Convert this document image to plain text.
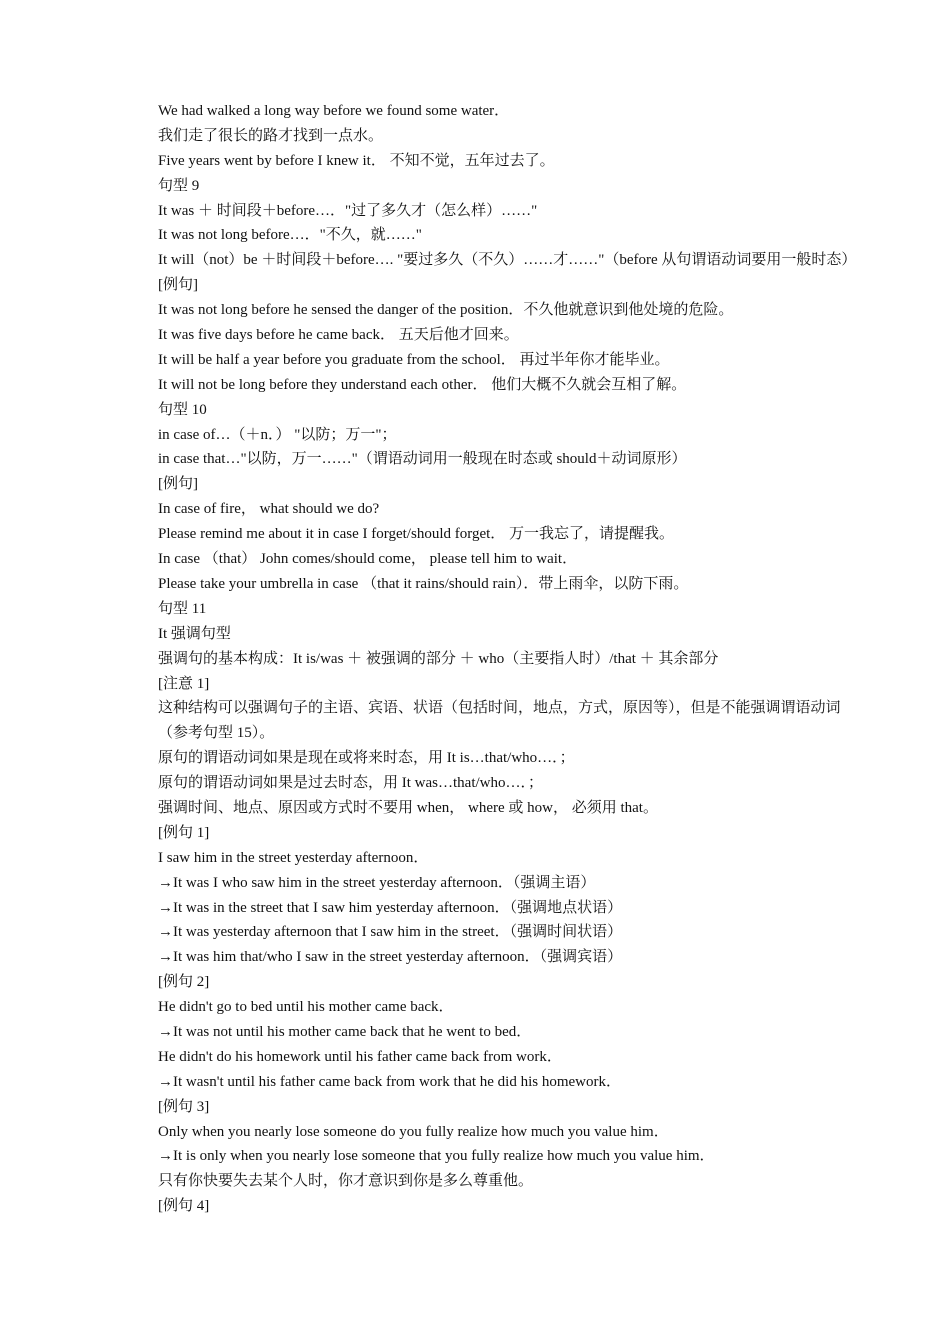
We had walked a long way before we found some water．
我们走了很长的路才找到一点水。
Five years went by before I knew it． 不知不觉，五年过去了。
句型 9
It was ＋ 时间段＋before…．"过了多久才（怎么样）……"
It was not long before…．"不久，就……"
It will（not）be ＋时间段＋before…. "要过多久（不久）……才……"（before 从句谓语动词要用一般时态）
[例句]
It was not long before he sensed the danger of the position．不久他就意识到他处境的危险。
It was five days before he came back． 五天后他才回来。
It will be half a year before you graduate from the school． 再过半年你才能毕业。
It will not be long before they understand each other． 他们大概不久就会互相了解。
句型 10
in case of…（＋n．） "以防；万一"；
in case that…"以防，万一……"（谓语动词用一般现在时态或 should＋动词原形）
[例句]
In case of fire， what should we do?
Please remind me about it in case I forget/should forget． 万一我忘了，请提醒我。
In case （that） John comes/should come， please tell him to wait．
Please take your umbrella in case （that it rains/should rain）．带上雨伞，以防下雨。
句型 11
It 强调句型
强调句的基本构成：It is/was ＋ 被强调的部分 ＋ who（主要指人时）/that ＋ 其余部分
[注意 1]
这种结构可以强调句子的主语、宾语、状语（包括时间，地点，方式，原因等），但是不能强调谓语动词（参考句型 15）。
原句的谓语动词如果是现在或将来时态，用 It is…that/who…．；
原句的谓语动词如果是过去时态，用 It was…that/who…．；
强调时间、地点、原因或方式时不要用 when， where 或 how， 必须用 that。
[例句 1]
I saw him in the street yesterday afternoon．
→It was I who saw him in the street yesterday afternoon．（强调主语）
→It was in the street that I saw him yesterday afternoon．（强调地点状语）
→It was yesterday afternoon that I saw him in the street．（强调时间状语）
→It was him that/who I saw in the street yesterday afternoon．（强调宾语）
[例句 2]
He didn't go to bed until his mother came back．
→It was not until his mother came back that he went to bed．
He didn't do his homework until his father came back from work．
→It wasn't until his father came back from work that he did his homework．
[例句 3]
Only when you nearly lose someone do you fully realize how much you value him．
→It is only when you nearly lose someone that you fully realize how much you value him．
只有你快要失去某个人时，你才意识到你是多么尊重他。
[例句 4]
